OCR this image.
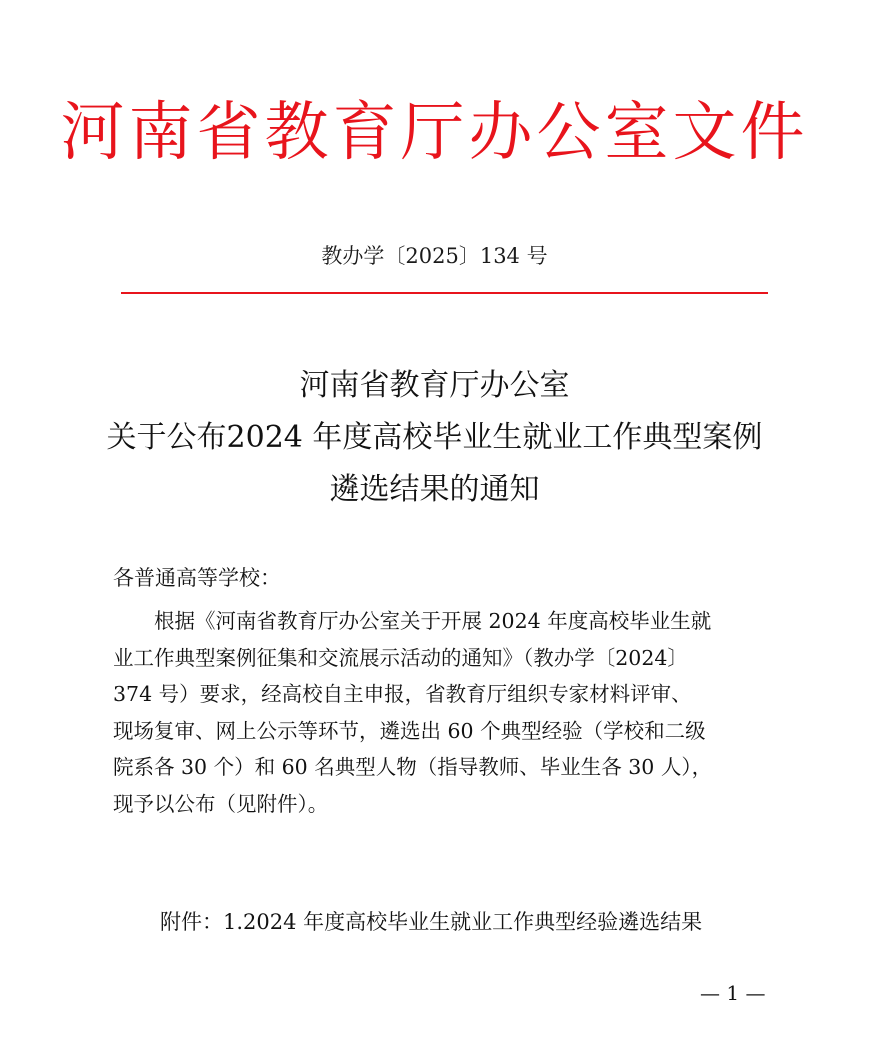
河南省教育厅办公室文件
教办学〔2025〕134 号
河南省教育厅办公室
关于公布2024 年度高校毕业生就业工作典型案例
遴选结果的通知
各普通高等学校：
　　根据《河南省教育厅办公室关于开展 2024 年度高校毕业生就
业工作典型案例征集和交流展示活动的通知》（教办学〔2024〕
374 号）要求，经高校自主申报，省教育厅组织专家材料评审、
现场复审、网上公示等环节，遴选出 60 个典型经验（学校和二级
院系各 30 个）和 60 名典型人物（指导教师、毕业生各 30 人），
现予以公布（见附件）。
附件：1.2024 年度高校毕业生就业工作典型经验遴选结果
— 1 —
